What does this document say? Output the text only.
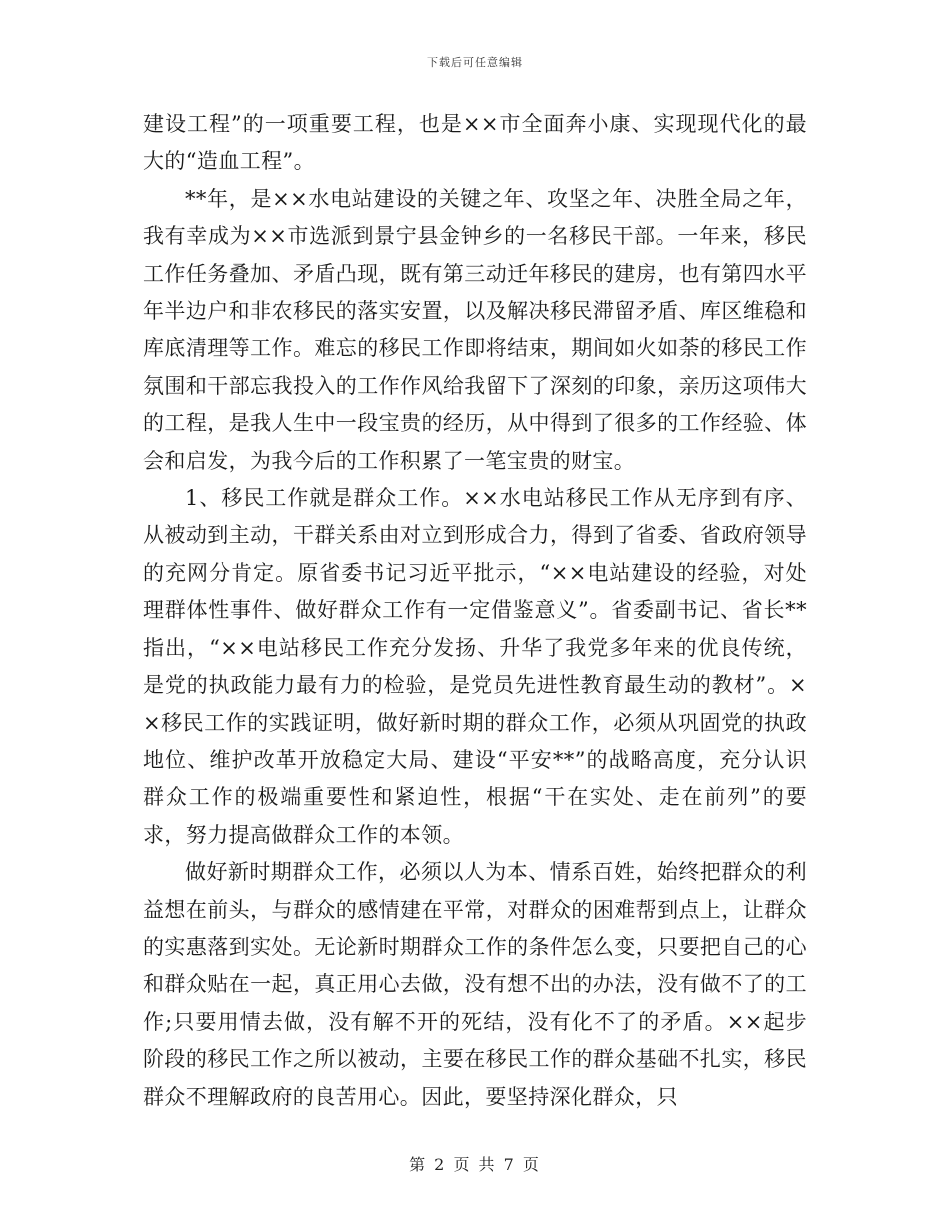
下载后可任意编辑

建设工程”的一项重要工程，也是××市全面奔小康、实现现代化的最大的“造血工程”。

**年，是××水电站建设的关键之年、攻坚之年、决胜全局之年，我有幸成为××市选派到景宁县金钟乡的一名移民干部。一年来，移民工作任务叠加、矛盾凸现，既有第三动迁年移民的建房，也有第四水平年半边户和非农移民的落实安置，以及解决移民滞留矛盾、库区维稳和库底清理等工作。难忘的移民工作即将结束，期间如火如荼的移民工作氛围和干部忘我投入的工作作风给我留下了深刻的印象，亲历这项伟大的工程，是我人生中一段宝贵的经历，从中得到了很多的工作经验、体会和启发，为我今后的工作积累了一笔宝贵的财宝。

1、移民工作就是群众工作。××水电站移民工作从无序到有序、从被动到主动，干群关系由对立到形成合力，得到了省委、省政府领导的充网分肯定。原省委书记习近平批示，“××电站建设的经验，对处理群体性事件、做好群众工作有一定借鉴意义”。省委副书记、省长**指出，“××电站移民工作充分发扬、升华了我党多年来的优良传统，是党的执政能力最有力的检验，是党员先进性教育最生动的教材”。××移民工作的实践证明，做好新时期的群众工作，必须从巩固党的执政地位、维护改革开放稳定大局、建设“平安**”的战略高度，充分认识群众工作的极端重要性和紧迫性，根据“干在实处、走在前列”的要求，努力提高做群众工作的本领。

做好新时期群众工作，必须以人为本、情系百姓，始终把群众的利益想在前头，与群众的感情建在平常，对群众的困难帮到点上，让群众的实惠落到实处。无论新时期群众工作的条件怎么变，只要把自己的心和群众贴在一起，真正用心去做，没有想不出的办法，没有做不了的工作;只要用情去做，没有解不开的死结，没有化不了的矛盾。××起步阶段的移民工作之所以被动，主要在移民工作的群众基础不扎实，移民群众不理解政府的良苦用心。因此，要坚持深化群众，只

第 2 页 共 7 页
